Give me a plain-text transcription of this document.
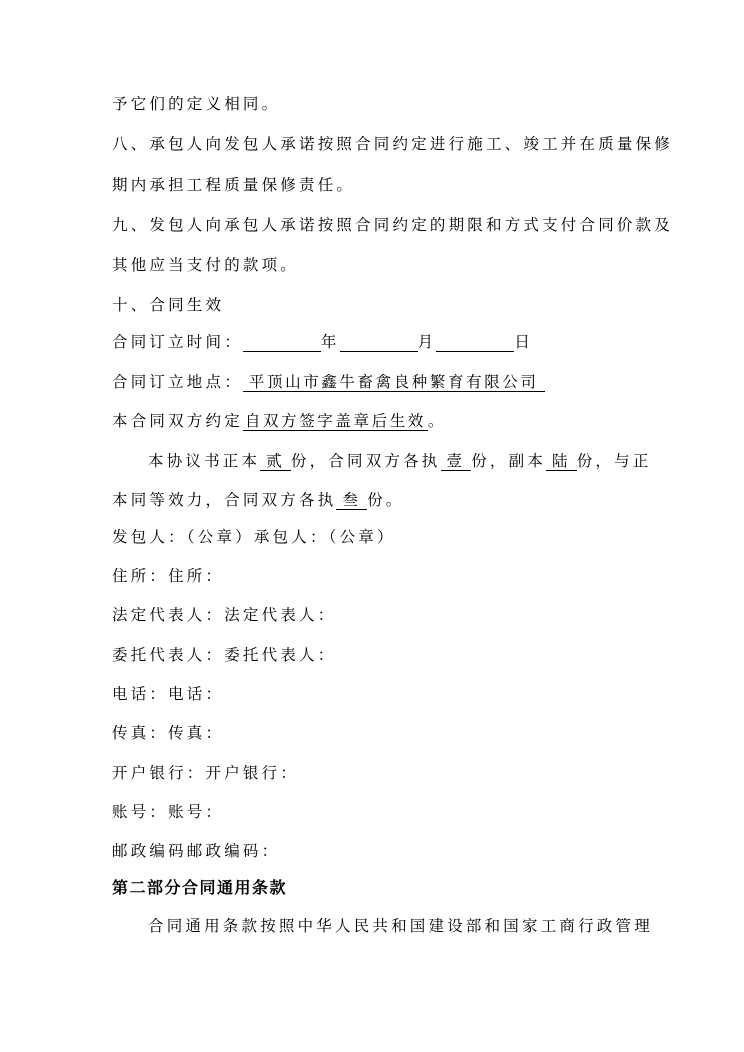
予它们的定义相同。
八、承包人向发包人承诺按照合同约定进行施工、竣工并在质量保修
期内承担工程质量保修责任。
九、发包人向承包人承诺按照合同约定的期限和方式支付合同价款及
其他应当支付的款项。
十、合同生效
合同订立时间：	年	月	日
合同订立地点： 平顶山市鑫牛畜禽良种繁育有限公司
本合同双方约定 自双方签字盖章后生效 。
本协议书正本 贰 份，合同双方各执 壹 份，副本 陆 份，与正
本同等效力，合同双方各执 叁 份。
发包人：（公章）承包人：（公章）
住所：住所：
法定代表人：法定代表人：
委托代表人：委托代表人：
电话：电话：
传真：传真：
开户银行：开户银行：
账号：账号：
邮政编码邮政编码：
第二部分合同通用条款
合同通用条款按照中华人民共和国建设部和国家工商行政管理
